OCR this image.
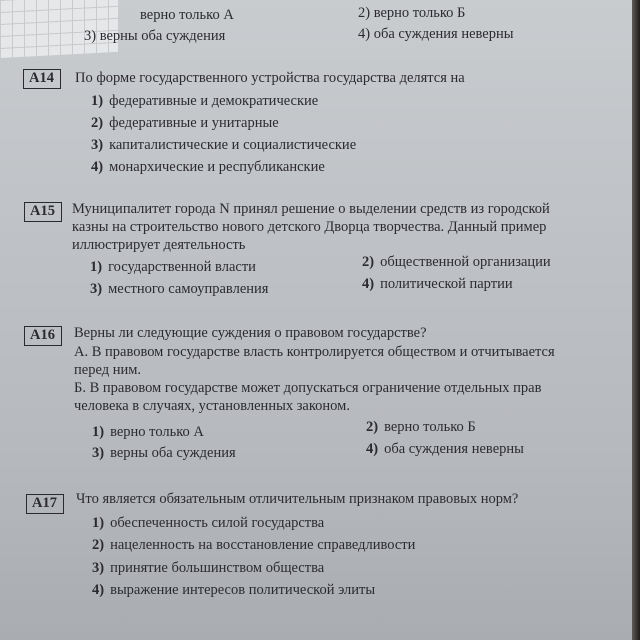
верно только А	2) верно только Б
3) верны оба суждения	4) оба суждения неверны
А14	По форме государственного устройства государства делятся на
1) федеративные и демократические
2) федеративные и унитарные
3) капиталистические и социалистические
4) монархические и республиканские
А15	Муниципалитет города N принял решение о выделении средств из городской
казны на строительство нового детского Дворца творчества. Данный пример
иллюстрирует деятельность
1) государственной власти	2) общественной организации
3) местного самоуправления	4) политической партии
А16	Верны ли следующие суждения о правовом государстве?
А. В правовом государстве власть контролируется обществом и отчитывается
перед ним.
Б. В правовом государстве может допускаться ограничение отдельных прав
человека в случаях, установленных законом.
1) верно только А	2) верно только Б
3) верны оба суждения	4) оба суждения неверны
А17	Что является обязательным отличительным признаком правовых норм?
1) обеспеченность силой государства
2) нацеленность на восстановление справедливости
3) принятие большинством общества
4) выражение интересов политической элиты
